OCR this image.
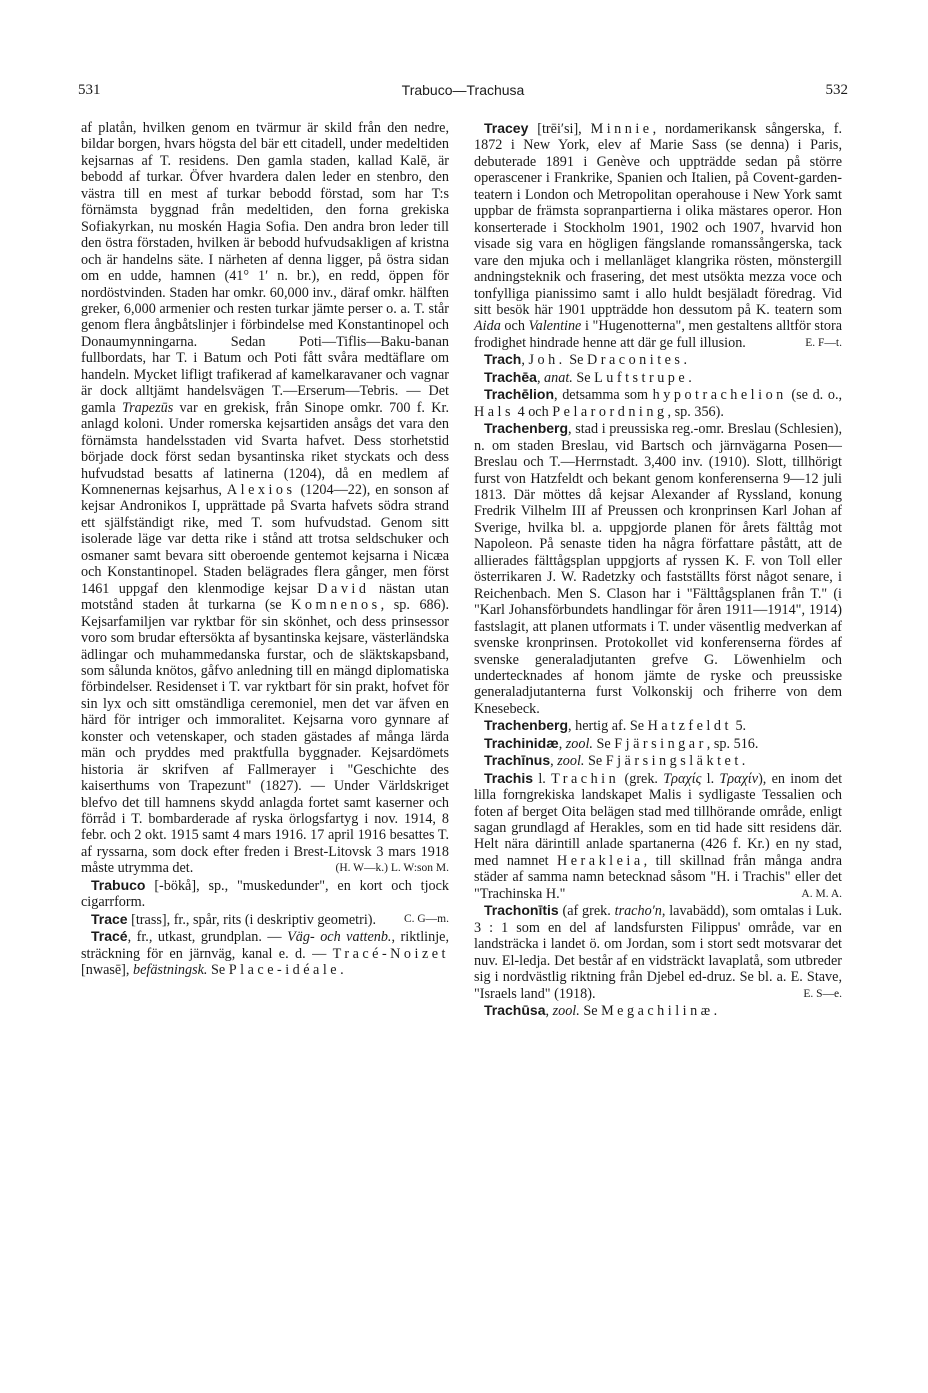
531	Trabuco—Trachusa	532

af platån, hvilken genom en tvärmur är skild från den nedre, bildar borgen, hvars högsta del bär ett citadell, under medeltiden kejsarnas af T. residens. Den gamla staden, kallad Kalē, är bebodd af turkar. Öfver hvardera dalen leder en stenbro, den västra till en mest af turkar bebodd förstad, som har T:s förnämsta byggnad från medeltiden, den forna grekiska Sofiakyrkan, nu moskén Hagia Sofia. Den andra bron leder till den östra förstaden, hvilken är bebodd hufvudsakligen af kristna och är handelns säte. I närheten af denna ligger, på östra sidan om en udde, hamnen (41° 1′ n. br.), en redd, öppen för nordöstvinden. Staden har omkr. 60,000 inv., däraf omkr. hälften greker, 6,000 armenier och resten turkar jämte perser o. a. T. står genom flera ångbåtslinjer i förbindelse med Konstantinopel och Donaumynningarna. Sedan Poti—Tiflis—Baku-banan fullbordats, har T. i Batum och Poti fått svåra medtäflare om handeln. Mycket lifligt trafikerad af kamelkaravaner och vagnar är dock alltjämt handelsvägen T.—Erserum—Tebris. — Det gamla Trapezūs var en grekisk, från Sinope omkr. 700 f. Kr. anlagd koloni. Under romerska kejsartiden ansågs det vara den förnämsta handelsstaden vid Svarta hafvet. Dess storhetstid började dock först sedan bysantinska riket styckats och dess hufvudstad besatts af latinerna (1204), då en medlem af Komnenernas kejsarhus, Alexios (1204—22), en sonson af kejsar Andronikos I, upprättade på Svarta hafvets södra strand ett själfständigt rike, med T. som hufvudstad. Genom sitt isolerade läge var detta rike i stånd att trotsa seldschuker och osmaner samt bevara sitt oberoende gentemot kejsarna i Nicæa och Konstantinopel. Staden belägrades flera gånger, men först 1461 uppgaf den klenmodige kejsar David nästan utan motstånd staden åt turkarna (se Komnenos, sp. 686). Kejsarfamiljen var ryktbar för sin skönhet, och dess prinsessor voro som brudar eftersökta af bysantinska kejsare, västerländska ädlingar och muhammedanska furstar, och de släktskapsband, som sålunda knötos, gåfvo anledning till en mängd diplomatiska förbindelser. Residenset i T. var ryktbart för sin prakt, hofvet för sin lyx och sitt omständliga ceremoniel, men det var äfven en härd för intriger och immoralitet. Kejsarna voro gynnare af konster och vetenskaper, och staden gästades af många lärda män och pryddes med praktfulla byggnader. Kejsardömets historia är skrifven af Fallmerayer i "Geschichte des kaiserthums von Trapezunt" (1827). — Under Världskriget blefvo det till hamnens skydd anlagda fortet samt kaserner och förråd i T. bombarderade af ryska örlogsfartyg i nov. 1914, 8 febr. och 2 okt. 1915 samt 4 mars 1916. 17 april 1916 besattes T. af ryssarna, som dock efter freden i Brest-Litovsk 3 mars 1918 måste utrymma det.	(H. W—k.) L. W:son M.

Trabuco [-bökå], sp., "muskedunder", en kort och tjock cigarrform.

Trace [trass], fr., spår, rits (i deskriptiv geometri).	C. G—m.

Tracé, fr., utkast, grundplan. — Väg- och vattenb., riktlinje, sträckning för en järnväg, kanal e. d. — Tracé-Noizet [nwasē], befästningsk. Se Place-idéale.

Tracey [trēi′si], Minnie, nordamerikansk sångerska, f. 1872 i New York, elev af Marie Sass (se denna) i Paris, debuterade 1891 i Genève och uppträdde sedan på större operascener i Frankrike, Spanien och Italien, på Covent-garden-teatern i London och Metropolitan operahouse i New York samt uppbar de främsta sopranpartierna i olika mästares operor. Hon konserterade i Stockholm 1901, 1902 och 1907, hvarvid hon visade sig vara en högligen fängslande romanssångerska, tack vare den mjuka och i mellanläget klangrika rösten, mönstergill andningsteknik och frasering, det mest utsökta mezza voce och tonfylliga pianissimo samt i allo huldt besjäladt föredrag. Vid sitt besök här 1901 uppträdde hon dessutom på K. teatern som Aida och Valentine i "Hugenotterna", men gestaltens alltför stora frodighet hindrade henne att där ge full illusion.	E. F—t.

Trach, Joh. Se Draconites.

Trachēa, anat. Se Luftstrupe.

Trachēlion, detsamma som hypotrachelion (se d. o., Hals 4 och Pelarordning, sp. 356).

Trachenberg, stad i preussiska reg.-omr. Breslau (Schlesien), n. om staden Breslau, vid Bartsch och järnvägarna Posen—Breslau och T.—Herrnstadt. 3,400 inv. (1910). Slott, tillhörigt furst von Hatzfeldt och bekant genom konferenserna 9—12 juli 1813. Där möttes då kejsar Alexander af Ryssland, konung Fredrik Vilhelm III af Preussen och kronprinsen Karl Johan af Sverige, hvilka bl. a. uppgjorde planen för årets fälttåg mot Napoleon. På senaste tiden ha några författare påstått, att de allierades fälttågsplan uppgjorts af ryssen K. F. von Toll eller österrikaren J. W. Radetzky och fastställts först något senare, i Reichenbach. Men S. Clason har i "Fälttågsplanen från T." (i "Karl Johansförbundets handlingar för åren 1911—1914", 1914) fastslagit, att planen utformats i T. under väsentlig medverkan af svenske kronprinsen. Protokollet vid konferenserna fördes af svenske generaladjutanten grefve G. Löwenhielm och undertecknades af honom jämte de ryske och preussiske generaladjutanterna furst Volkonskij och friherre von dem Knesebeck.

Trachenberg, hertig af. Se Hatzfeldt 5.

Trachinidæ, zool. Se Fjärsingar, sp. 516.

Trachīnus, zool. Se Fjärsingsläktet.

Trachis l. Trachin (grek. Τραχίς l. Τραχίν), en inom det lilla forngrekiska landskapet Malis i sydligaste Tessalien och foten af berget Oita belägen stad med tillhörande område, enligt sagan grundlagd af Herakles, som en tid hade sitt residens där. Helt nära därintill anlade spartanerna (426 f. Kr.) en ny stad, med namnet Herakleia, till skillnad från många andra städer af samma namn betecknad såsom "H. i Trachis" eller det "Trachinska H."	A. M. A.

Trachonītis (af grek. tracho′n, lavabädd), som omtalas i Luk. 3 : 1 som en del af landsfursten Filippus' område, var en landsträcka i landet ö. om Jordan, som i stort sedt motsvarar det nuv. El-ledja. Det består af en vidsträckt lavaplatå, som utbreder sig i nordvästlig riktning från Djebel ed-druz. Se bl. a. E. Stave, "Israels land" (1918).	E. S—e.

Trachūsa, zool. Se Megachilinæ.
